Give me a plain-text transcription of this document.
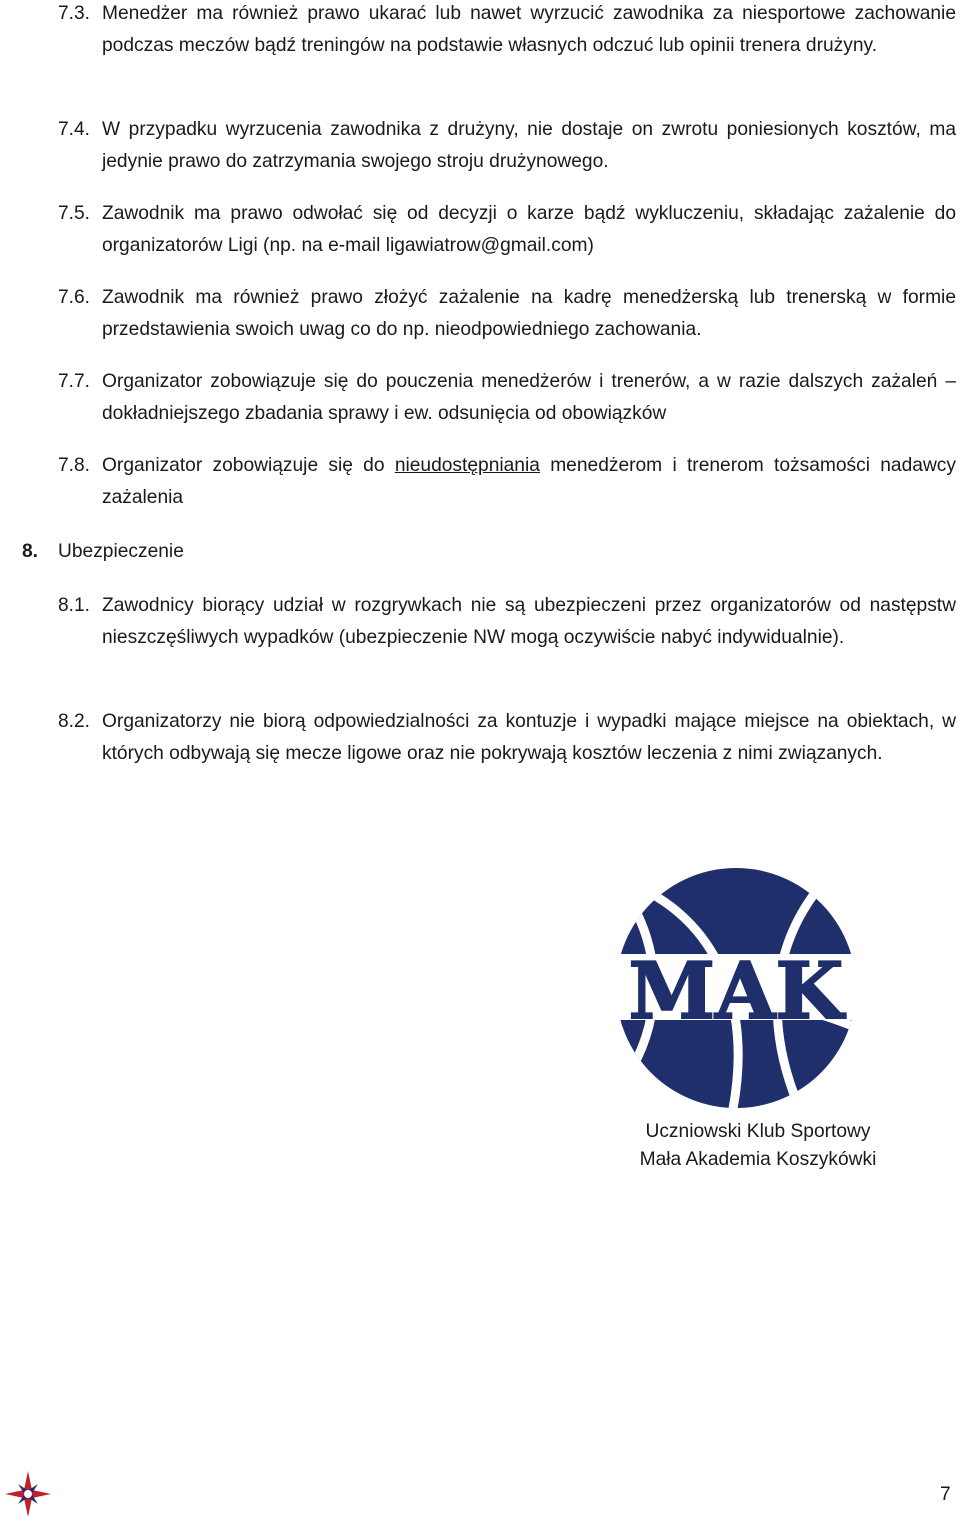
7.3. Menedżer ma również prawo ukarać lub nawet wyrzucić zawodnika za niesportowe zachowanie podczas meczów bądź treningów na podstawie własnych odczuć lub opinii trenera drużyny.
7.4. W przypadku wyrzucenia zawodnika z drużyny, nie dostaje on zwrotu poniesionych kosztów, ma jedynie prawo do zatrzymania swojego stroju drużynowego.
7.5. Zawodnik ma prawo odwołać się od decyzji o karze bądź wykluczeniu, składając zażalenie do organizatorów Ligi (np. na e-mail ligawiatrow@gmail.com)
7.6. Zawodnik ma również prawo złożyć zażalenie na kadrę menedżerską lub trenerską w formie przedstawienia swoich uwag co do np. nieodpowiedniego zachowania.
7.7. Organizator zobowiązuje się do pouczenia menedżerów i trenerów, a w razie dalszych zażaleń – dokładniejszego zbadania sprawy i ew. odsunięcia od obowiązków
7.8. Organizator zobowiązuje się do nieudostępniania menedżerom i trenerom tożsamości nadawcy zażalenia
8.	Ubezpieczenie
8.1. Zawodnicy biorący udział w rozgrywkach nie są ubezpieczeni przez organizatorów od następstw nieszczęśliwych wypadków (ubezpieczenie NW mogą oczywiście nabyć indywidualnie).
8.2. Organizatorzy nie biorą odpowiedzialności za kontuzje i wypadki mające miejsce na obiektach, w których odbywają się mecze ligowe oraz nie pokrywają kosztów leczenia z nimi związanych.
MAK
Uczniowski Klub Sportowy
Mała Akademia Koszykówki
7
